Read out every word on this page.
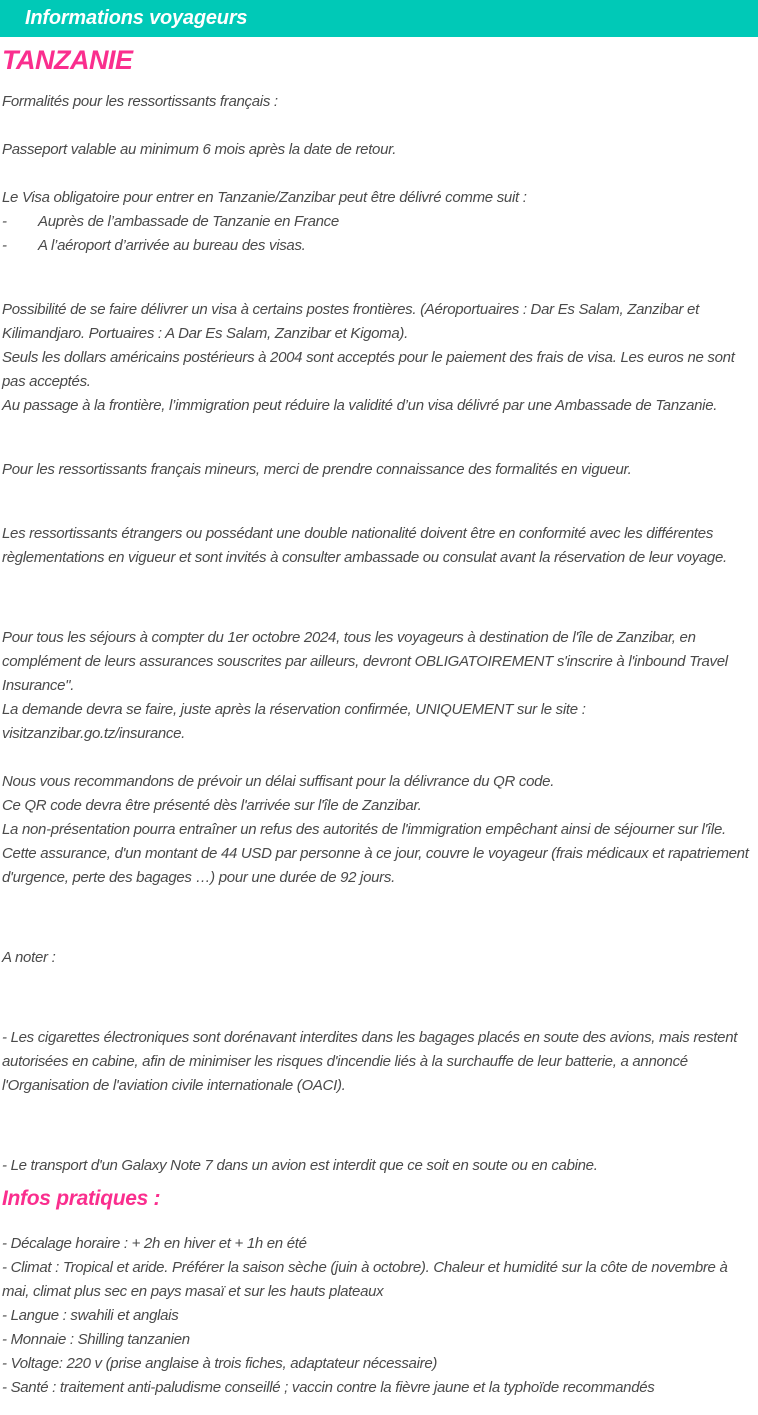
Informations voyageurs
TANZANIE

Formalités pour les ressortissants français :

Passeport valable au minimum 6 mois après la date de retour.

Le Visa obligatoire pour entrer en Tanzanie/Zanzibar peut être délivré comme suit :

-	Auprès de l’ambassade de Tanzanie en France

-	A l’aéroport d’arrivée au bureau des visas.

Possibilité de se faire délivrer un visa à certains postes frontières. (Aéroportuaires : Dar Es Salam, Zanzibar et Kilimandjaro. Portuaires : A Dar Es Salam, Zanzibar et Kigoma).

Seuls les dollars américains postérieurs à 2004 sont acceptés pour le paiement des frais de visa. Les euros ne sont pas acceptés.

Au passage à la frontière, l’immigration peut réduire la validité d’un visa délivré par une Ambassade de Tanzanie.

Pour les ressortissants français mineurs, merci de prendre connaissance des formalités en vigueur.

Les ressortissants étrangers ou possédant une double nationalité doivent être en conformité avec les différentes règlementations en vigueur et sont invités à consulter ambassade ou consulat avant la réservation de leur voyage.

Pour tous les séjours à compter du 1er octobre 2024, tous les voyageurs à destination de l'île de Zanzibar, en complément de leurs assurances souscrites par ailleurs, devront OBLIGATOIREMENT s'inscrire à l'inbound Travel Insurance".

La demande devra se faire, juste après la réservation confirmée, UNIQUEMENT sur le site :

visitzanzibar.go.tz/insurance.

Nous vous recommandons de prévoir un délai suffisant pour la délivrance du QR code.

Ce QR code devra être présenté dès l'arrivée sur l'île de Zanzibar.

La non-présentation pourra entraîner un refus des autorités de l'immigration empêchant ainsi de séjourner sur l'île.

Cette assurance, d'un montant de 44 USD par personne à ce jour, couvre le voyageur (frais médicaux et rapatriement d'urgence, perte des bagages …) pour une durée de 92 jours.

A noter :

- Les cigarettes électroniques sont dorénavant interdites dans les bagages placés en soute des avions, mais restent autorisées en cabine, afin de minimiser les risques d'incendie liés à la surchauffe de leur batterie, a annoncé l'Organisation de l'aviation civile internationale (OACI).

- Le transport d'un Galaxy Note 7 dans un avion est interdit que ce soit en soute ou en cabine.

Infos pratiques :

- Décalage horaire : + 2h en hiver et + 1h en été

- Climat : Tropical et aride. Préférer la saison sèche (juin à octobre). Chaleur et humidité sur la côte de novembre à mai, climat plus sec en pays masaï et sur les hauts plateaux

- Langue : swahili et anglais

- Monnaie : Shilling tanzanien

- Voltage: 220 v (prise anglaise à trois fiches, adaptateur nécessaire)

- Santé : traitement anti-paludisme conseillé ; vaccin contre la fièvre jaune et la typhoïde recommandés
